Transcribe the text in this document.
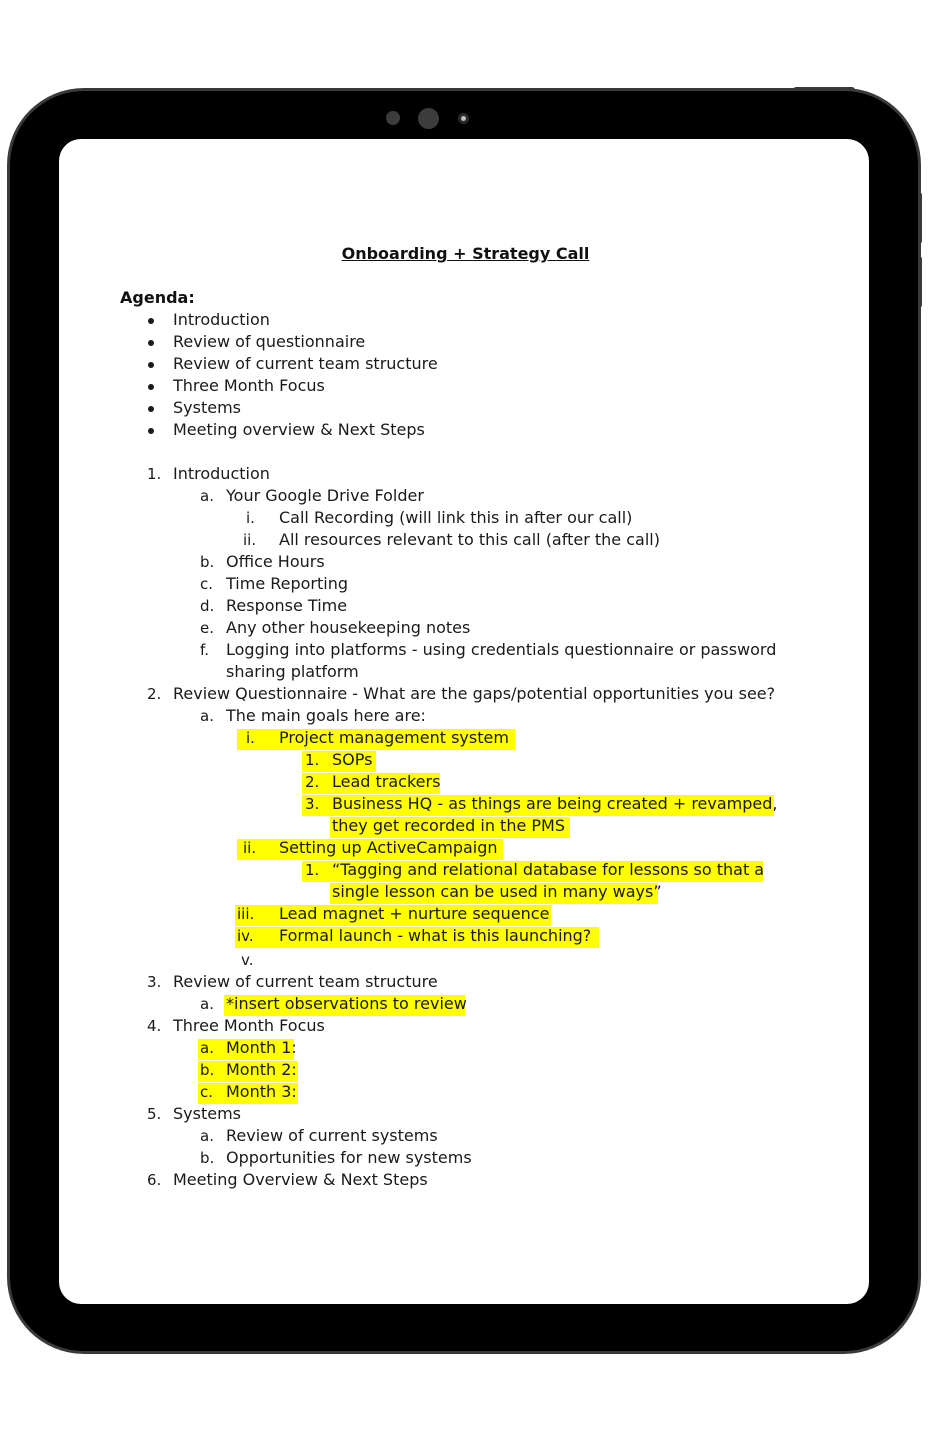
Onboarding + Strategy Call
Agenda:
Introduction
Review of questionnaire
Review of current team structure
Three Month Focus
Systems
Meeting overview & Next Steps
1. Introduction
a. Your Google Drive Folder
i. Call Recording (will link this in after our call)
ii. All resources relevant to this call (after the call)
b. Office Hours
c. Time Reporting
d. Response Time
e. Any other housekeeping notes
f. Logging into platforms - using credentials questionnaire or password
sharing platform
2. Review Questionnaire - What are the gaps/potential opportunities you see?
a. The main goals here are:
i. Project management system
1. SOPs
2. Lead trackers
3. Business HQ - as things are being created + revamped,
they get recorded in the PMS
ii. Setting up ActiveCampaign
1. “Tagging and relational database for lessons so that a
single lesson can be used in many ways”
iii. Lead magnet + nurture sequence
iv. Formal launch - what is this launching?
v.
3. Review of current team structure
a. *insert observations to review
4. Three Month Focus
a. Month 1:
b. Month 2:
c. Month 3:
5. Systems
a. Review of current systems
b. Opportunities for new systems
6. Meeting Overview & Next Steps
